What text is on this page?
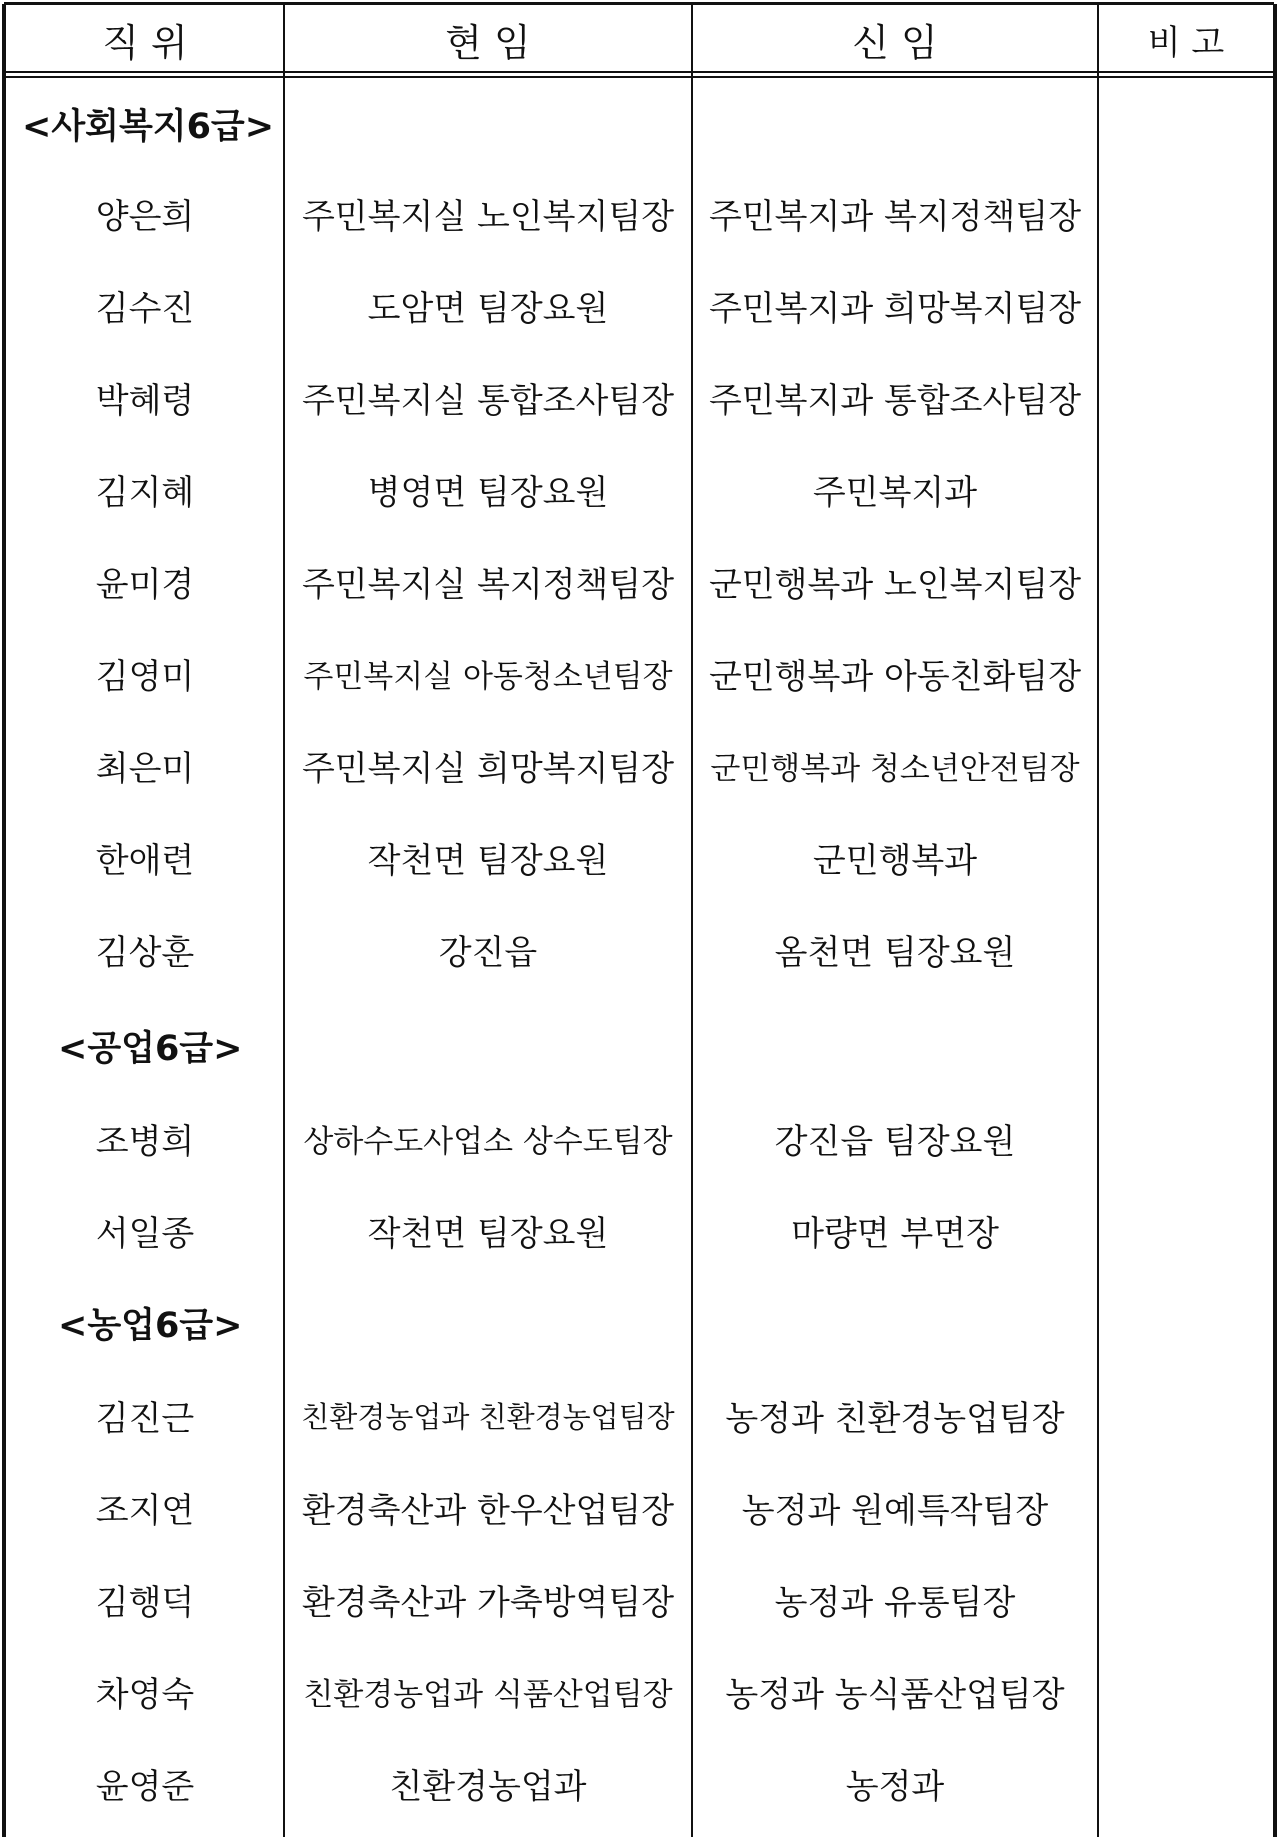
직 위	현 임	신 임	비 고
<사회복지6급>
양은희	주민복지실 노인복지팀장	주민복지과 복지정책팀장
김수진	도암면 팀장요원	주민복지과 희망복지팀장
박혜령	주민복지실 통합조사팀장	주민복지과 통합조사팀장
김지혜	병영면 팀장요원	주민복지과
윤미경	주민복지실 복지정책팀장	군민행복과 노인복지팀장
김영미	주민복지실 아동청소년팀장	군민행복과 아동친화팀장
최은미	주민복지실 희망복지팀장	군민행복과 청소년안전팀장
한애련	작천면 팀장요원	군민행복과
김상훈	강진읍	옴천면 팀장요원
<공업6급>
조병희	상하수도사업소 상수도팀장	강진읍 팀장요원
서일종	작천면 팀장요원	마량면 부면장
<농업6급>
김진근	친환경농업과 친환경농업팀장	농정과 친환경농업팀장
조지연	환경축산과 한우산업팀장	농정과 원예특작팀장
김행덕	환경축산과 가축방역팀장	농정과 유통팀장
차영숙	친환경농업과 식품산업팀장	농정과 농식품산업팀장
윤영준	친환경농업과	농정과
